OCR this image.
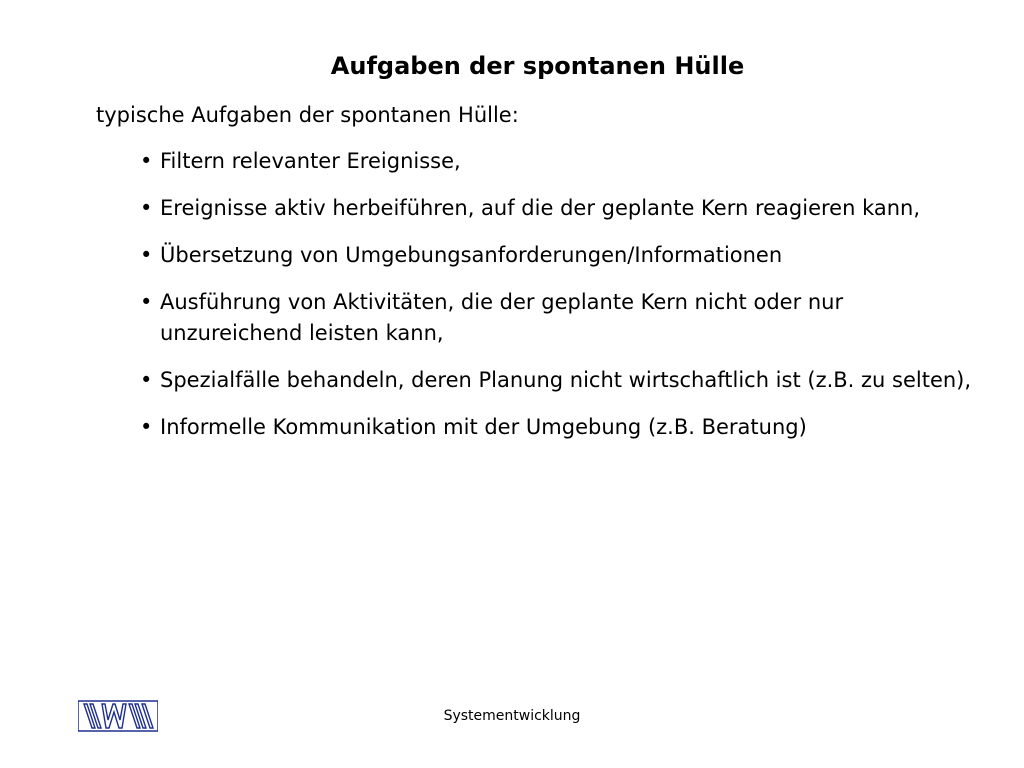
Aufgaben der spontanen Hülle

typische Aufgaben der spontanen Hülle:

• Filtern relevanter Ereignisse,
• Ereignisse aktiv herbeiführen, auf die der geplante Kern reagieren kann,
• Übersetzung von Umgebungsanforderungen/Informationen
• Ausführung von Aktivitäten, die der geplante Kern nicht oder nur unzureichend leisten kann,
• Spezialfälle behandeln, deren Planung nicht wirtschaftlich ist (z.B. zu selten),
• Informelle Kommunikation mit der Umgebung (z.B. Beratung)
Systementwicklung
